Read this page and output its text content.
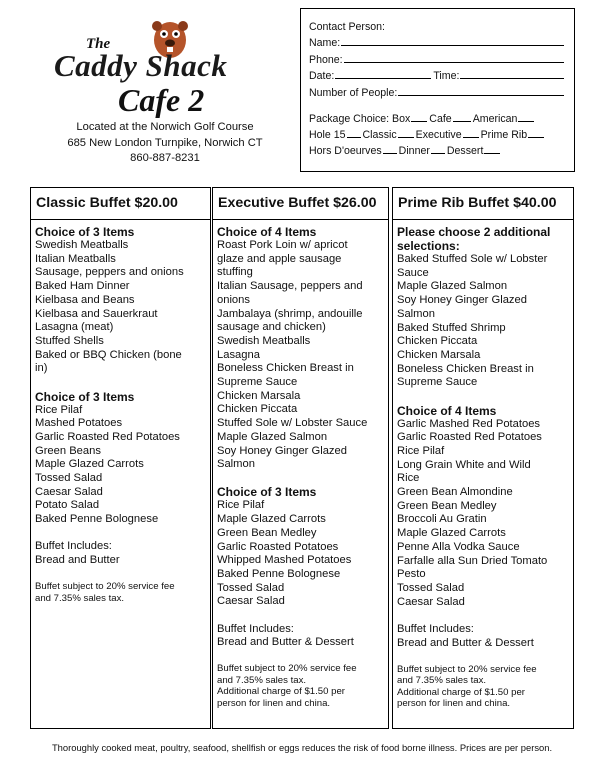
The
Caddy Shack
Cafe 2
Located at the Norwich Golf Course
685 New London Turnpike, Norwich CT
860-887-8231
Contact Person:
Name:
Phone:
Date:	Time:
Number of People:
Package Choice: Box Cafe American
Hole 15 Classic Executive Prime Rib
Hors D'oeurves Dinner Dessert
Classic Buffet $20.00
Choice of 3 Items
Swedish Meatballs
Italian Meatballs
Sausage, peppers and onions
Baked Ham Dinner
Kielbasa and Beans
Kielbasa and Sauerkraut
Lasagna (meat)
Stuffed Shells
Baked or BBQ Chicken (bone
in)
Choice of 3 Items
Rice Pilaf
Mashed Potatoes
Garlic Roasted Red Potatoes
Green Beans
Maple Glazed Carrots
Tossed Salad
Caesar Salad
Potato Salad
Baked Penne Bolognese
Buffet Includes:
Bread and Butter
Buffet subject to 20% service fee
and 7.35% sales tax.
Executive Buffet $26.00
Choice of 4 Items
Roast Pork Loin w/ apricot
glaze and apple sausage
stuffing
Italian Sausage, peppers and
onions
Jambalaya (shrimp, andouille
sausage and chicken)
Swedish Meatballs
Lasagna
Boneless Chicken Breast in
Supreme Sauce
Chicken Marsala
Chicken Piccata
Stuffed Sole w/ Lobster Sauce
Maple Glazed Salmon
Soy Honey Ginger Glazed
Salmon
Choice of 3 Items
Rice Pilaf
Maple Glazed Carrots
Green Bean Medley
Garlic Roasted Potatoes
Whipped Mashed Potatoes
Baked Penne Bolognese
Tossed Salad
Caesar Salad
Buffet Includes:
Bread and Butter & Dessert
Buffet subject to 20% service fee
and 7.35% sales tax.
Additional charge of $1.50 per
person for linen and china.
Prime Rib Buffet $40.00
Please choose 2 additional
selections:
Baked Stuffed Sole w/ Lobster
Sauce
Maple Glazed Salmon
Soy Honey Ginger Glazed
Salmon
Baked Stuffed Shrimp
Chicken Piccata
Chicken Marsala
Boneless Chicken Breast in
Supreme Sauce
Choice of 4 Items
Garlic Mashed Red Potatoes
Garlic Roasted Red Potatoes
Rice Pilaf
Long Grain White and Wild
Rice
Green Bean Almondine
Green Bean Medley
Broccoli Au Gratin
Maple Glazed Carrots
Penne Alla Vodka Sauce
Farfalle alla Sun Dried Tomato
Pesto
Tossed Salad
Caesar Salad
Buffet Includes:
Bread and Butter & Dessert
Buffet subject to 20% service fee
and 7.35% sales tax.
Additional charge of $1.50 per
person for linen and china.
Thoroughly cooked meat, poultry, seafood, shellfish or eggs reduces the risk of food borne illness. Prices are per person.
